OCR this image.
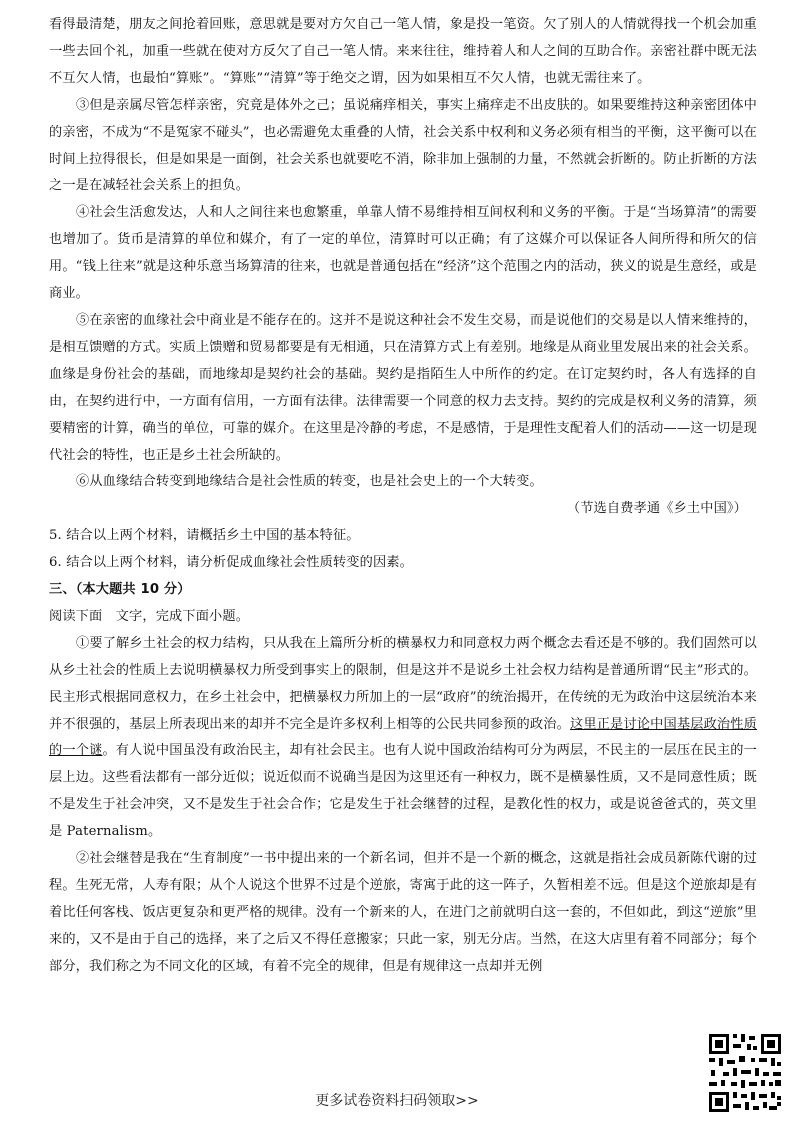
看得最清楚，朋友之间抢着回账，意思就是要对方欠自己一笔人情，象是投一笔资。欠了别人的人情就得找一个机会加重一些去回个礼，加重一些就在使对方反欠了自己一笔人情。来来往往，维持着人和人之间的互助合作。亲密社群中既无法不互欠人情，也最怕“算账”。“算账”“清算”等于绝交之谓，因为如果相互不欠人情，也就无需往来了。

③但是亲属尽管怎样亲密，究竟是体外之己；虽说痛痒相关，事实上痛痒走不出皮肤的。如果要维持这种亲密团体中的亲密，不成为“不是冤家不碰头”，也必需避免太重叠的人情，社会关系中权利和义务必须有相当的平衡，这平衡可以在时间上拉得很长，但是如果是一面倒，社会关系也就要吃不消，除非加上强制的力量，不然就会折断的。防止折断的方法之一是在减轻社会关系上的担负。

④社会生活愈发达，人和人之间往来也愈繁重，单靠人情不易维持相互间权利和义务的平衡。于是“当场算清”的需要也增加了。货币是清算的单位和媒介，有了一定的单位，清算时可以正确；有了这媒介可以保证各人间所得和所欠的信用。“钱上往来”就是这种乐意当场算清的往来，也就是普通包括在“经济”这个范围之内的活动，狭义的说是生意经，或是商业。

⑤在亲密的血缘社会中商业是不能存在的。这并不是说这种社会不发生交易，而是说他们的交易是以人情来维持的，是相互馈赠的方式。实质上馈赠和贸易都要是有无相通，只在清算方式上有差别。地缘是从商业里发展出来的社会关系。血缘是身份社会的基础，而地缘却是契约社会的基础。契约是指陌生人中所作的约定。在订定契约时，各人有选择的自由，在契约进行中，一方面有信用，一方面有法律。法律需要一个同意的权力去支持。契约的完成是权利义务的清算，须要精密的计算，确当的单位，可靠的媒介。在这里是冷静的考虑，不是感情，于是理性支配着人们的活动——这一切是现代社会的特性，也正是乡土社会所缺的。

⑥从血缘结合转变到地缘结合是社会性质的转变，也是社会史上的一个大转变。

（节选自费孝通《乡土中国》）

5. 结合以上两个材料，请概括乡土中国的基本特征。

6. 结合以上两个材料，请分析促成血缘社会性质转变的因素。

三、（本大题共 10 分）

阅读下面　文字，完成下面小题。

①要了解乡土社会的权力结构，只从我在上篇所分析的横暴权力和同意权力两个概念去看还是不够的。我们固然可以从乡土社会的性质上去说明横暴权力所受到事实上的限制，但是这并不是说乡土社会权力结构是普通所谓“民主”形式的。民主形式根据同意权力，在乡土社会中，把横暴权力所加上的一层“政府”的统治揭开，在传统的无为政治中这层统治本来并不很强的，基层上所表现出来的却并不完全是许多权利上相等的公民共同参预的政治。这里正是讨论中国基层政治性质的一个谜。有人说中国虽没有政治民主，却有社会民主。也有人说中国政治结构可分为两层，不民主的一层压在民主的一层上边。这些看法都有一部分近似；说近似而不说确当是因为这里还有一种权力，既不是横暴性质，又不是同意性质；既不是发生于社会冲突，又不是发生于社会合作；它是发生于社会继替的过程，是教化性的权力，或是说爸爸式的，英文里是 Paternalism。

②社会继替是我在“生育制度”一书中提出来的一个新名词，但并不是一个新的概念，这就是指社会成员新陈代谢的过程。生死无常，人寿有限；从个人说这个世界不过是个逆旅，寄寓于此的这一阵子，久暂相差不远。但是这个逆旅却是有着比任何客栈、饭店更复杂和更严格的规律。没有一个新来的人，在进门之前就明白这一套的，不但如此，到这“逆旅”里来的，又不是由于自己的选择，来了之后又不得任意搬家；只此一家，别无分店。当然，在这大店里有着不同部分；每个部分，我们称之为不同文化的区域，有着不完全的规律，但是有规律这一点却并无例

更多试卷资料扫码领取>>
